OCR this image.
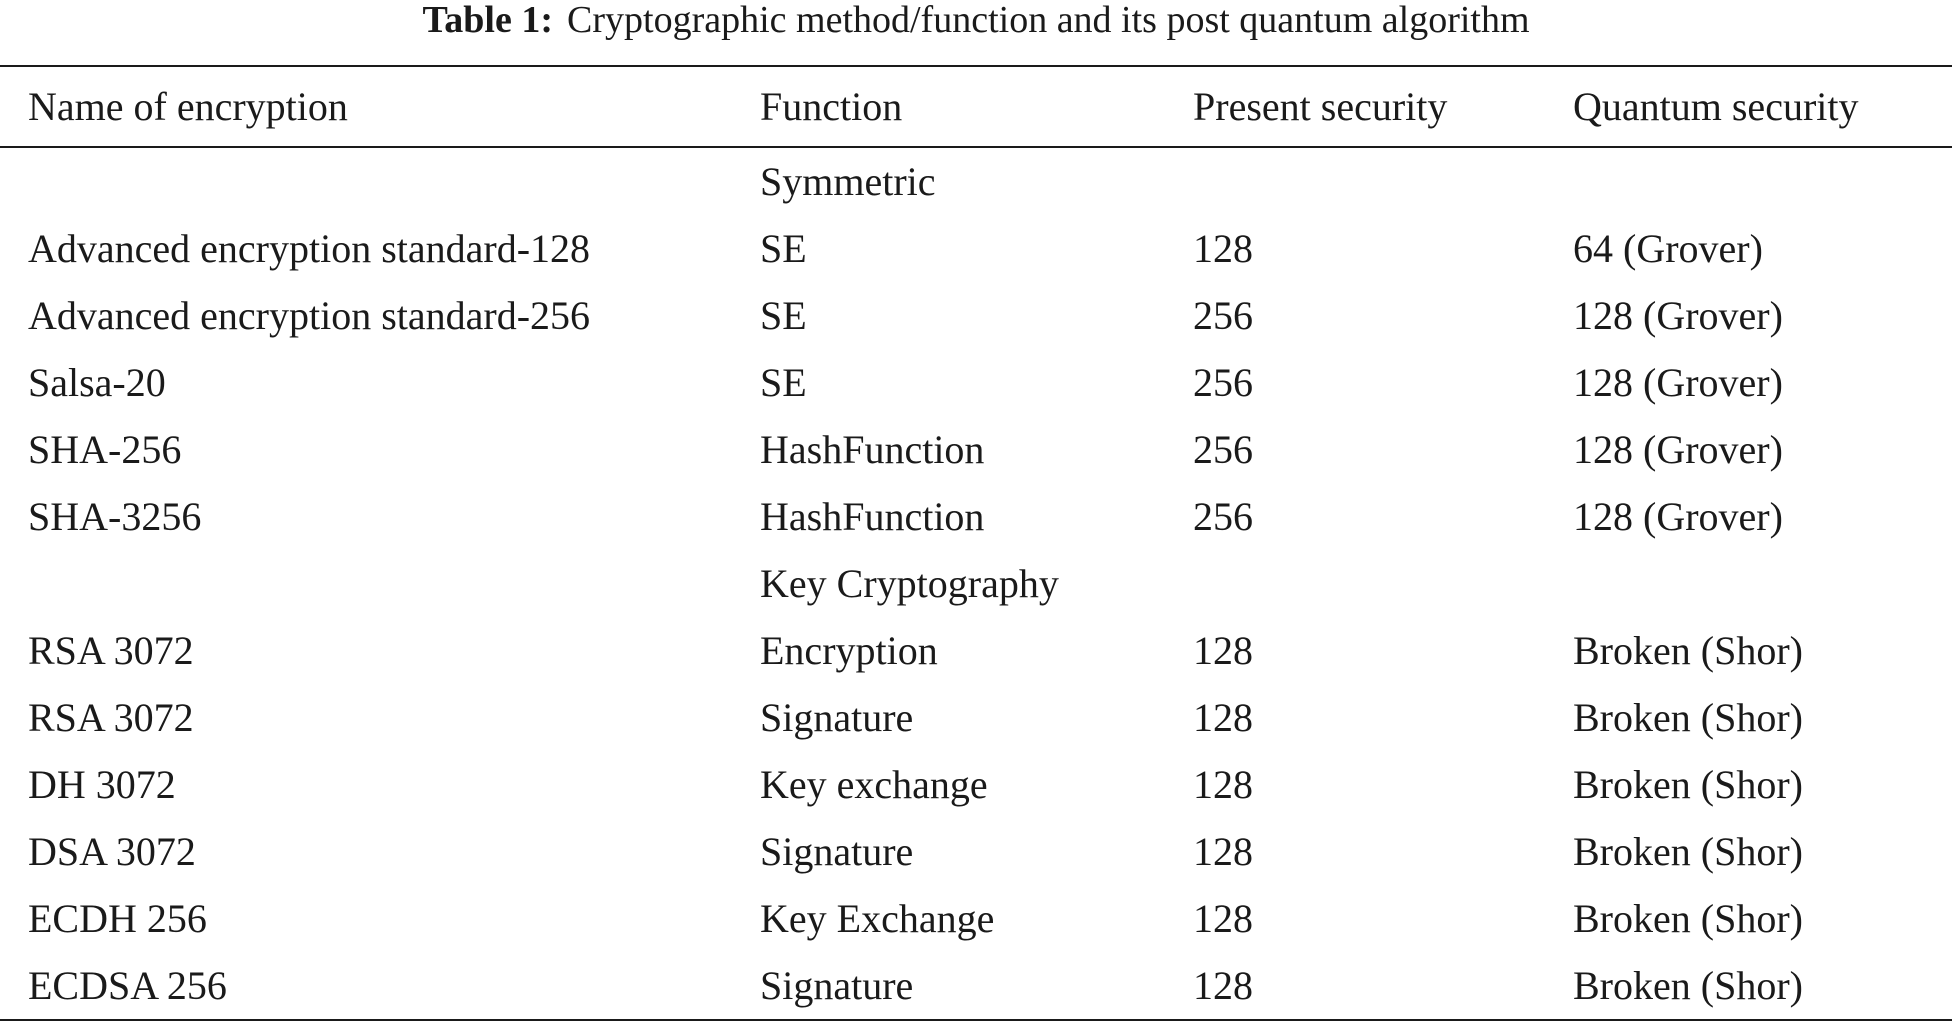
Table 1: Cryptographic method/function and its post quantum algorithm
Name of encryption	Function	Present security	Quantum security
	Symmetric		
Advanced encryption standard-128	SE	128	64 (Grover)
Advanced encryption standard-256	SE	256	128 (Grover)
Salsa-20	SE	256	128 (Grover)
SHA-256	HashFunction	256	128 (Grover)
SHA-3256	HashFunction	256	128 (Grover)
	Key Cryptography		
RSA 3072	Encryption	128	Broken (Shor)
RSA 3072	Signature	128	Broken (Shor)
DH 3072	Key exchange	128	Broken (Shor)
DSA 3072	Signature	128	Broken (Shor)
ECDH 256	Key Exchange	128	Broken (Shor)
ECDSA 256	Signature	128	Broken (Shor)
